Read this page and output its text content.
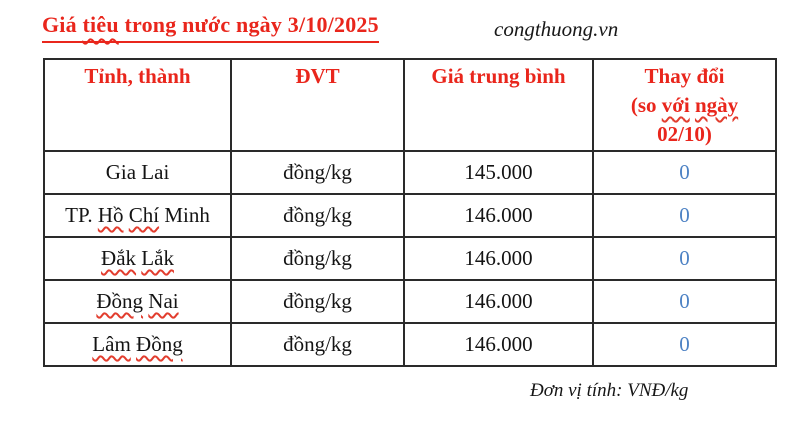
Giá tiêu trong nước ngày 3/10/2025	congthuong.vn
Tỉnh, thành	ĐVT	Giá trung bình	Thay đổi
(so với ngày
02/10)

Gia Lai	đồng/kg	145.000	0
TP. Hồ Chí Minh	đồng/kg	146.000	0
Đắk Lắk	đồng/kg	146.000	0
Đồng Nai	đồng/kg	146.000	0
Lâm Đồng	đồng/kg	146.000	0
Đơn vị tính: VNĐ/kg
